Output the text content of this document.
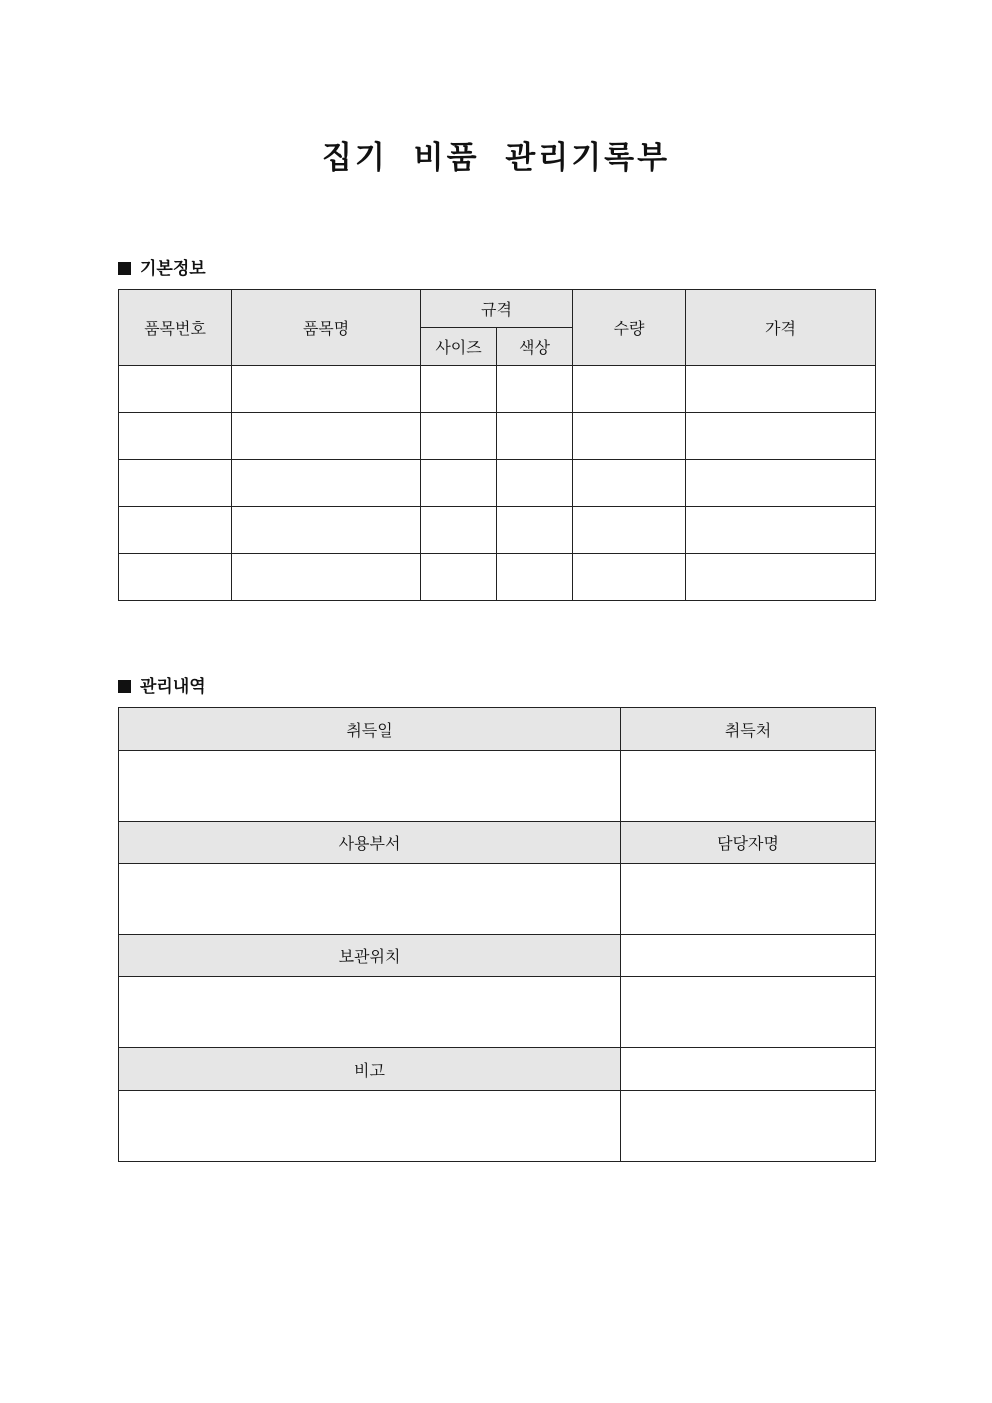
집기 비품 관리기록부
기본정보
품목번호	품목명	규격		수량	가격
		사이즈	색상		

관리내역
취득일	취득처

사용부서	담당자명

보관위치	

비고	
